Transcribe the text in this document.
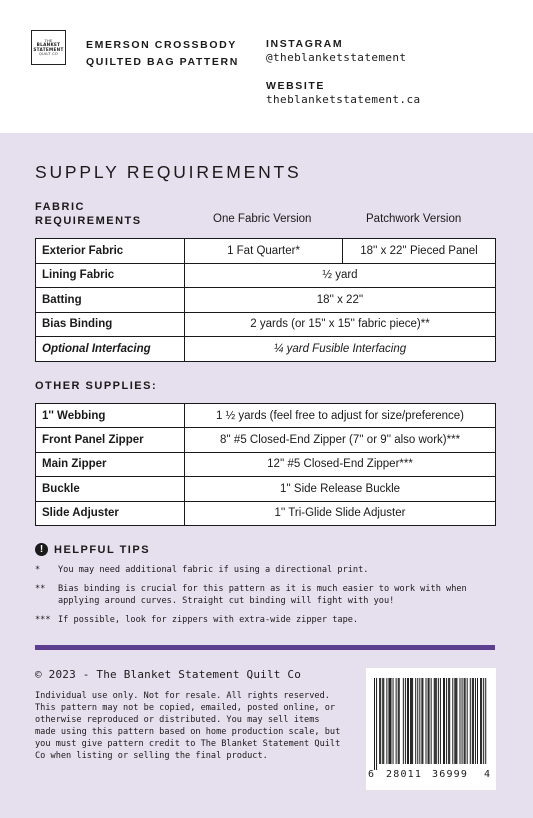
THE
BLANKET
STATEMENT
QUILT CO
EMERSON CROSSBODY
QUILTED BAG PATTERN
INSTAGRAM
@theblanketstatement
WEBSITE
theblanketstatement.ca
SUPPLY REQUIREMENTS
FABRIC
REQUIREMENTS	One Fabric Version	Patchwork Version
Exterior Fabric	1 Fat Quarter*	18'' x 22'' Pieced Panel
Lining Fabric	½ yard	
Batting	18'' x 22''	
Bias Binding	2 yards (or 15'' x 15'' fabric piece)**	
Optional Interfacing	¼ yard Fusible Interfacing	
OTHER SUPPLIES:
1'' Webbing	1 ½ yards (feel free to adjust for size/preference)
Front Panel Zipper	8'' #5 Closed-End Zipper (7'' or 9'' also work)***
Main Zipper	12'' #5 Closed-End Zipper***
Buckle	1'' Side Release Buckle
Slide Adjuster	1'' Tri-Glide Slide Adjuster
! HELPFUL TIPS
*	You may need additional fabric if using a directional print.
**	Bias binding is crucial for this pattern as it is much easier to work with when applying around curves. Straight cut binding will fight with you!
*** If possible, look for zippers with extra-wide zipper tape.
© 2023 - The Blanket Statement Quilt Co
Individual use only. Not for resale. All rights reserved. This pattern may not be copied, emailed, posted online, or otherwise reproduced or distributed. You may sell items made using this pattern based on home production scale, but you must give pattern credit to The Blanket Statement Quilt Co when listing or selling the final product.
6 28011 36999 4
